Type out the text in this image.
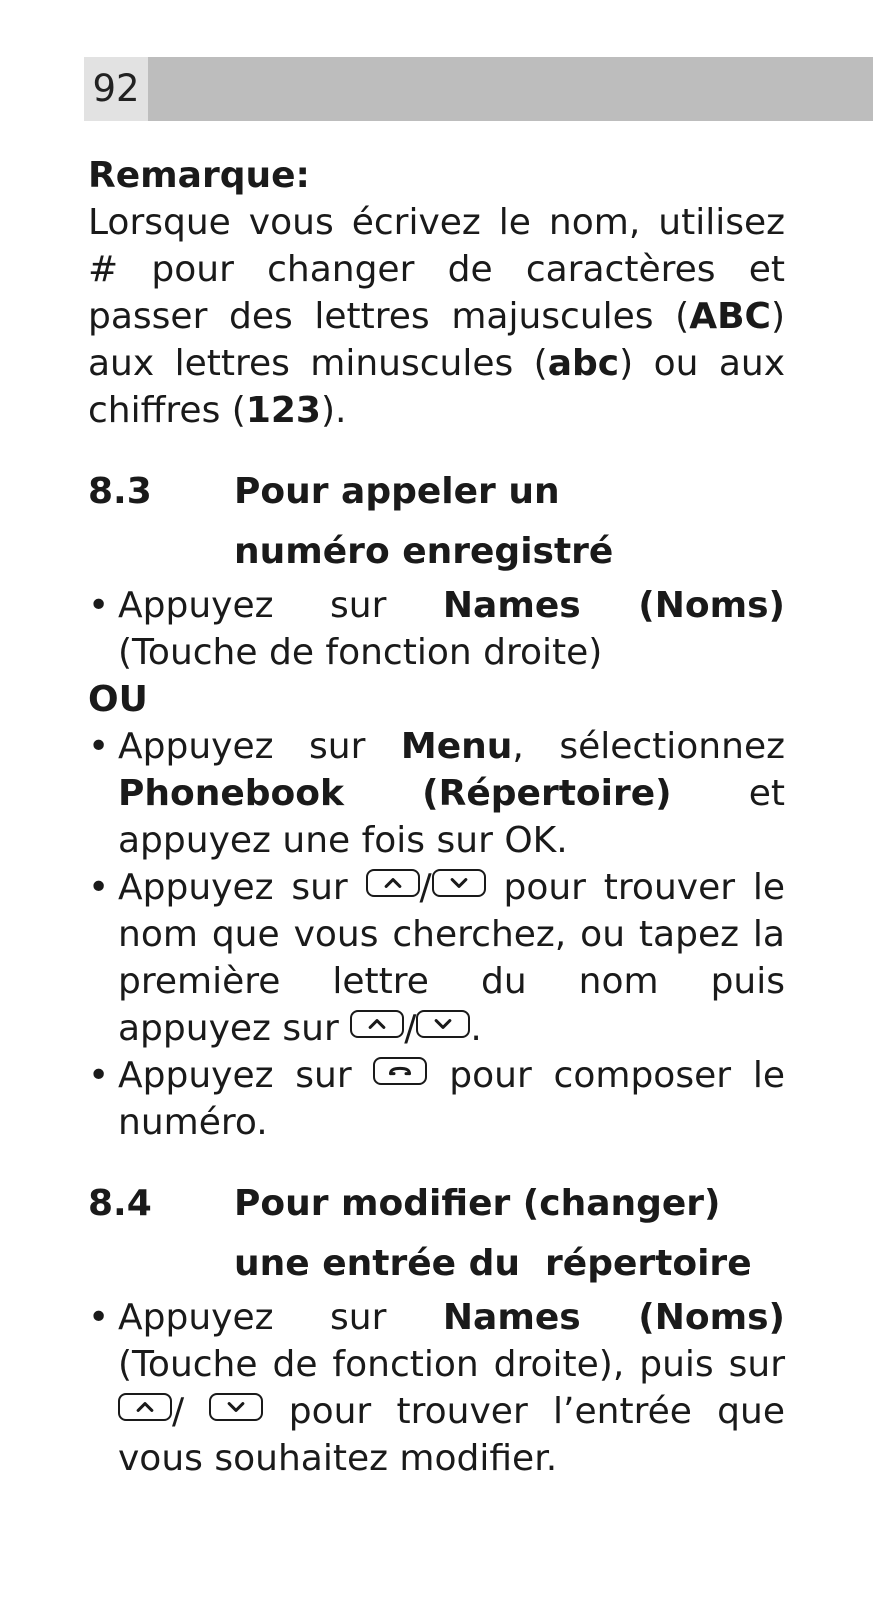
92

Remarque:

Lorsque vous écrivez le nom, utilisez # pour changer de caractères et passer des lettres majuscules (ABC) aux lettres minuscules (abc) ou aux chiffres (123).

8.3	Pour appeler un
numéro enregistré
• Appuyez sur Names (Noms) (Touche de fonction droite)

OU

• Appuyez sur Menu, sélectionnez Phonebook (Répertoire) et appuyez une fois sur OK.
• Appuyez sur
/
pour trouver le nom que vous cherchez, ou tapez la première lettre du nom puis appuyez sur
/ .
• Appuyez sur
pour composer le numéro.
8.4	Pour modifier (changer)
une entrée du  répertoire
• Appuyez sur Names (Noms) (Touche de fonction droite), puis sur
/
pour trouver l’entrée que vous souhaitez modifier.
